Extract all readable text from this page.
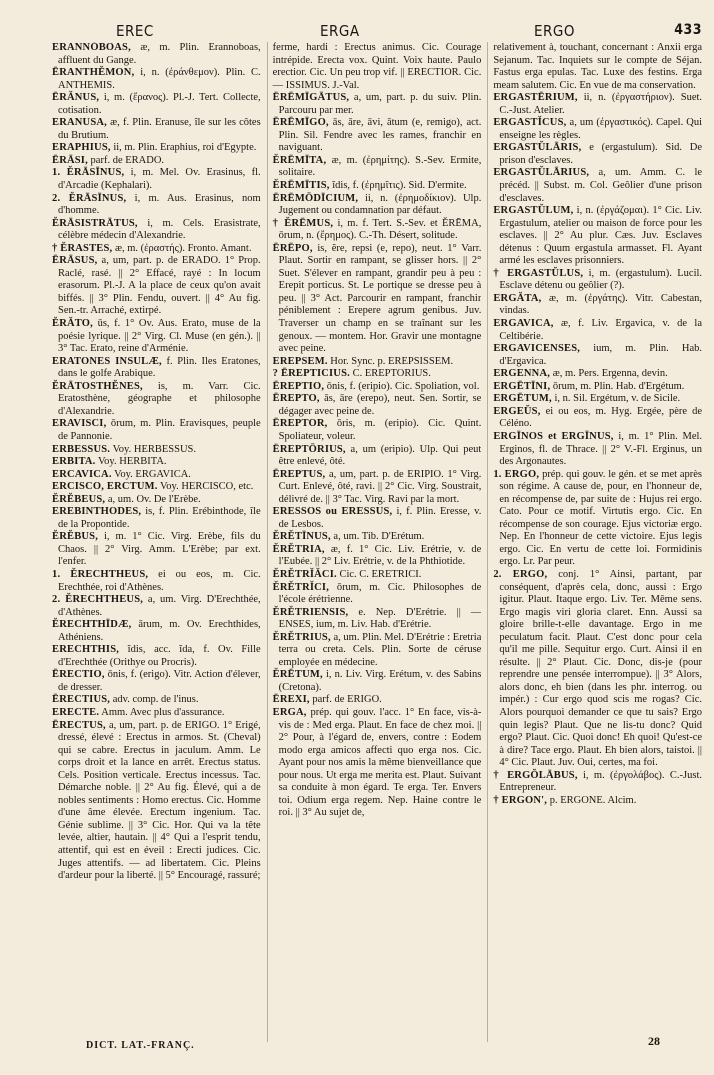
EREC	ERGA	ERGO	433
ERANNŎBOAS, æ, m. Plin. Erannoboas, affluent du Gange.
ĒRANTHĔMON, i, n. (ἐράνθεμον). Plin. C. ANTHEMIS.
ĒRĂNUS, i, m. (ἔρανος). Pl.-J. Tert. Collecte, cotisation.
ERANUSA, æ, f. Plin. Eranuse, île sur les côtes du Brutium.
ERAPHIUS, ii, m. Plin. Eraphius, roi d'Egypte.
ĒRĀSI, parf. de ERADO.
1. ĔRĀSĪNUS, i, m. Mel. Ov. Erasinus, fl. d'Arcadie (Kephalari).
2. ĔRĀSĪNUS, i, m. Aus. Erasinus, nom d'homme.
ĔRĀSISTRĀTUS, i, m. Cels. Erasistrate, célèbre médecin d'Alexandrie.
† ĔRASTES, æ, m. (ἐραστής). Fronto. Amant.
ĒRĀSUS, a, um, part. p. de ERADO. 1° Prop. Raclé, rasé. || 2° Effacé, rayé : In locum erasorum. Pl.-J. A la place de ceux qu'on avait biffés. || 3° Plin. Fendu, ouvert. || 4° Au fig. Sen.-tr. Arraché, extirpé.
ĔRĂTO, ūs, f. 1° Ov. Aus. Erato, muse de la poésie lyrique. || 2° Virg. Cl. Muse (en gén.). || 3° Tac. Erato, reine d'Arménie.
ERATONES INSULÆ, f. Plin. Iles Eratones, dans le golfe Arabique.
ĔRĀTOSTHĔNES, is, m. Varr. Cic. Eratosthène, géographe et philosophe d'Alexandrie.
ERAVISCI, ōrum, m. Plin. Eravisques, peuple de Pannonie.
ERBESSUS. Voy. HERBESSUS.
ERBITA. Voy. HERBITA.
ERCAVICA. Voy. ERGAVICA.
ERCISCO, ERCTUM. Voy. HERCISCO, etc.
ĔRĔBEUS, a, um. Ov. De l'Erèbe.
EREBINTHODES, is, f. Plin. Erébinthode, île de la Propontide.
ĔRĔBUS, i, m. 1° Cic. Virg. Erèbe, fils du Chaos. || 2° Virg. Amm. L'Erèbe; par ext. l'enfer.
1. ĔRECHTHEUS, ei ou eos, m. Cic. Erechthée, roi d'Athènes.
2. ĔRECHTHEUS, a, um. Virg. D'Erechthée, d'Athènes.
ĔRECHTHĪDÆ, ārum, m. Ov. Erechthides, Athéniens.
ERECHTHIS, ĭdis, acc. ĭda, f. Ov. Fille d'Erechthée (Orithye ou Procris).
ĒRECTIO, ōnis, f. (erigo). Vitr. Action d'élever, de dresser.
ĒRECTIUS, adv. comp. de l'inus.
ERECTE. Amm. Avec plus d'assurance.
ĒRECTUS, a, um, part. p. de ERIGO. 1° Erigé, dressé, élevé : Erectus in armos. St. (Cheval) qui se cabre. Erectus in jaculum. Amm. Le corps droit et la lance en arrêt. Erectus status. Cels. Position verticale. Erectus incessus. Tac. Démarche noble. || 2° Au fig. Élevé, qui a de nobles sentiments : Homo erectus. Cic. Homme d'une âme élevée. Erectum ingenium. Tac. Génie sublime. || 3° Cic. Hor. Qui va la tête levée, altier, hautain. || 4° Qui a l'esprit tendu, attentif, qui est en éveil : Erecti judices. Cic. Juges attentifs. — ad libertatem. Cic. Pleins d'ardeur pour la liberté. || 5° Encouragé, rassuré;
ferme, hardi : Erectus animus. Cic. Courage intrépide. Erecta vox. Quint. Voix haute. Paulo erectior. Cic. Un peu trop vif. || ERECTIOR. Cic. — ISSIMUS. J.-Val.
ĒRĒMĪGĀTUS, a, um, part. p. du suiv. Plin. Parcouru par mer.
ĒRĒMĪGO, ās, āre, āvi, ātum (e, remigo), act. Plin. Sil. Fendre avec les rames, franchir en naviguant.
ĔRĒMĪTA, æ, m. (ἐρημίτης). S.-Sev. Ermite, solitaire.
ĔRĒMĪTIS, ĭdis, f. (ἐρημῖτις). Sid. D'ermite.
ĒRĒMŌDĪCIUM, ii, n. (ἐρημοδίκιον). Ulp. Jugement ou condamnation par défaut.
† ĔRĒMUS, i, m. f. Tert. S.-Sev. et ĔRĒMA, ōrum, n. (ἔρημος). C.-Th. Désert, solitude.
ĒRĒPO, is, ĕre, repsi (e, repo), neut. 1° Varr. Plaut. Sortir en rampant, se glisser hors. || 2° Suet. S'élever en rampant, grandir peu à peu : Erepit porticus. St. Le portique se dresse peu à peu. || 3° Act. Parcourir en rampant, franchir péniblement : Erepere agrum genibus. Juv. Traverser un champ en se traînant sur les genoux. — montem. Hor. Gravir une montagne avec peine.
EREPSEM. Hor. Sync. p. EREPSISSEM.
? ĒREPTICIUS. C. EREPTORIUS.
ĒREPTIO, ōnis, f. (eripio). Cic. Spoliation, vol.
ĒREPTO, ās, āre (erepo), neut. Sen. Sortir, se dégager avec peine de.
ĒREPTOR, ōris, m. (eripio). Cic. Quint. Spoliateur, voleur.
ĒREPTŌRIUS, a, um (eripio). Ulp. Qui peut être enlevé, ôté.
ĒREPTUS, a, um, part. p. de ERIPIO. 1° Virg. Curt. Enlevé, ôté, ravi. || 2° Cic. Virg. Soustrait, délivré de. || 3° Tac. Virg. Ravi par la mort.
ERESSOS ou ERESSUS, i, f. Plin. Eresse, v. de Lesbos.
ĔRĔTĪNUS, a, um. Tib. D'Erétum.
ĔRĔTRIA, æ, f. 1° Cic. Liv. Erétrie, v. de l'Eubée. || 2° Liv. Erétrie, v. de la Phthiotide.
ĔRĔTRĬĂCI. Cic. C. ERETRICI.
ĔRĔTRĬCI, ōrum, m. Cic. Philosophes de l'école érétrienne.
ĔRĔTRIENSIS, e. Nep. D'Erétrie. || — ENSES, ium, m. Liv. Hab. d'Erétrie.
ĔRĔTRIUS, a, um. Plin. Mel. D'Erétrie : Eretria terra ou creta. Cels. Plin. Sorte de céruse employée en médecine.
ĔRĒTUM, i, n. Liv. Virg. Erétum, v. des Sabins (Cretona).
ĒREXI, parf. de ERIGO.
ERGA, prép. qui gouv. l'acc. 1° En face, vis-à-vis de : Med erga. Plaut. En face de chez moi. || 2° Pour, à l'égard de, envers, contre : Eodem modo erga amicos affecti quo erga nos. Cic. Ayant pour nos amis la même bienveillance que pour nous. Ut erga me merita est. Plaut. Suivant sa conduite à mon égard. Te erga. Ter. Envers toi. Odium erga regem. Nep. Haine contre le roi. || 3° Au sujet de,
relativement à, touchant, concernant : Anxii erga Sejanum. Tac. Inquiets sur le compte de Séjan. Fastus erga epulas. Tac. Luxe des festins. Erga meam salutem. Cic. En vue de ma conservation.
ERGASTĒRIUM, ii, n. (ἐργαστήριον). Suet. C.-Just. Atelier.
ERGASTĬCUS, a, um (ἐργαστικός). Capel. Qui enseigne les règles.
ERGASTŬLĀRIS, e (ergastulum). Sid. De prison d'esclaves.
ERGASTŬLĀRIUS, a, um. Amm. C. le précéd. || Subst. m. Col. Geôlier d'une prison d'esclaves.
ERGASTŬLUM, i, n. (ἐργάζομαι). 1° Cic. Liv. Ergastulum, atelier ou maison de force pour les esclaves. || 2° Au plur. Cæs. Juv. Esclaves détenus : Quum ergastula armasset. Fl. Ayant armé les esclaves prisonniers.
† ERGASTŬLUS, i, m. (ergastulum). Lucil. Esclave détenu ou geôlier (?).
ERGĂTA, æ, m. (ἐργάτης). Vitr. Cabestan, vindas.
ERGAVICA, æ, f. Liv. Ergavica, v. de la Celtibérie.
ERGAVICENSES, ium, m. Plin. Hab. d'Ergavica.
ERGENNA, æ, m. Pers. Ergenna, devin.
ERGĒTĪNI, ōrum, m. Plin. Hab. d'Ergétum.
ERGĒTUM, i, n. Sil. Ergétum, v. de Sicile.
ERGEŬS, ei ou eos, m. Hyg. Ergée, père de Céléno.
ERGĪNOS et ERGĪNUS, i, m. 1° Plin. Mel. Erginos, fl. de Thrace. || 2° V.-Fl. Erginus, un des Argonautes.
1. ERGO, prép. qui gouv. le gén. et se met après son régime. A cause de, pour, en l'honneur de, en récompense de, par suite de : Hujus rei ergo. Cato. Pour ce motif. Virtutis ergo. Cic. En récompense de son courage. Ejus victoriæ ergo. Nep. En l'honneur de cette victoire. Ejus legis ergo. Cic. En vertu de cette loi. Formidinis ergo. Lr. Par peur.
2. ERGO, conj. 1° Ainsi, partant, par conséquent, d'après cela, donc, aussi : Ergo igitur. Plaut. Itaque ergo. Liv. Ter. Même sens. Ergo magis viri gloria claret. Enn. Aussi sa gloire brille-t-elle davantage. Ergo in me peculatum facit. Plaut. C'est donc pour cela qu'il me pille. Sequitur ergo. Curt. Ainsi il en résulte. || 2° Plaut. Cic. Donc, dis-je (pour reprendre une pensée interrompue). || 3° Alors, alors donc, eh bien (dans les phr. interrog. ou impér.) : Cur ergo quod scis me rogas? Cic. Alors pourquoi demander ce que tu sais? Ergo quin legis? Plaut. Que ne lis-tu donc? Quid ergo? Plaut. Cic. Quoi donc! Eh quoi! Qu'est-ce à dire? Tace ergo. Plaut. Eh bien alors, taistoi. || 4° Cic. Plaut. Juv. Oui, certes, ma foi.
† ERGŎLĀBUS, i, m. (ἐργολάβος). C.-Just. Entrepreneur.
† ERGON', p. ERGONE. Alcim.
DICT. LAT.-FRANÇ.	28
